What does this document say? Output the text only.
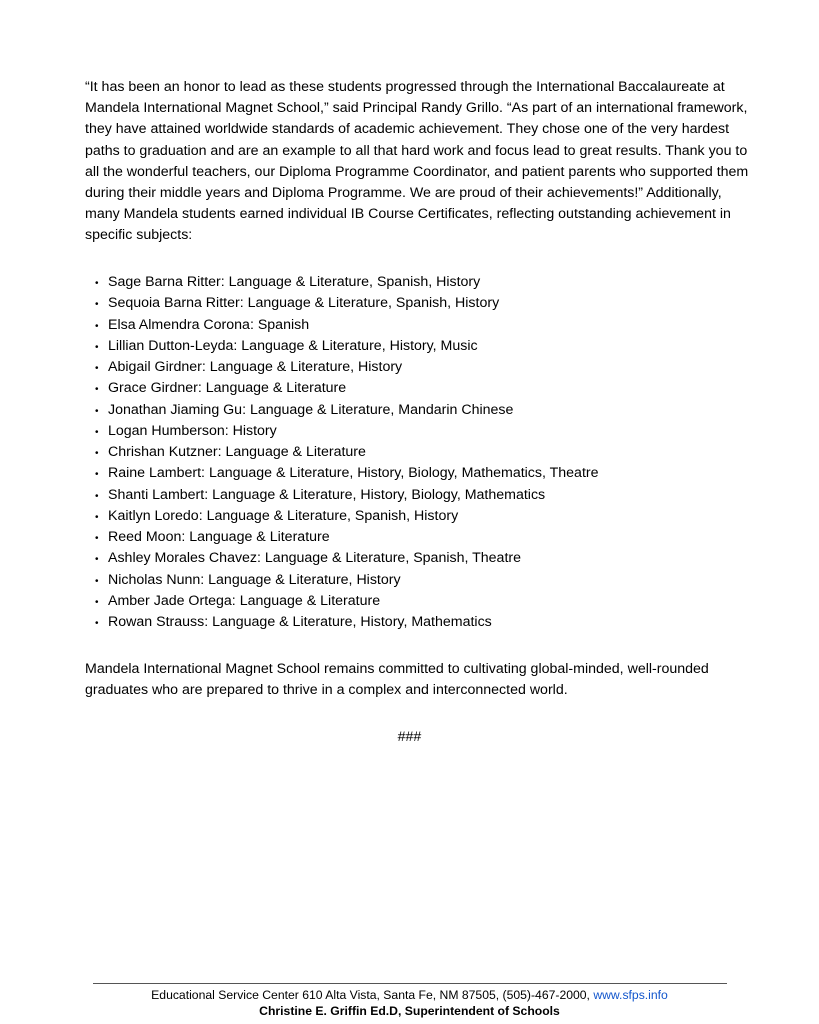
“It has been an honor to lead as these students progressed through the International Baccalaureate at Mandela International Magnet School,” said Principal Randy Grillo. “As part of an international framework, they have attained worldwide standards of academic achievement. They chose one of the very hardest paths to graduation and are an example to all that hard work and focus lead to great results. Thank you to all the wonderful teachers, our Diploma Programme Coordinator, and patient parents who supported them during their middle years and Diploma Programme. We are proud of their achievements!” Additionally, many Mandela students earned individual IB Course Certificates, reflecting outstanding achievement in specific subjects:

• Sage Barna Ritter: Language & Literature, Spanish, History
• Sequoia Barna Ritter: Language & Literature, Spanish, History
• Elsa Almendra Corona: Spanish
• Lillian Dutton-Leyda: Language & Literature, History, Music
• Abigail Girdner: Language & Literature, History
• Grace Girdner: Language & Literature
• Jonathan Jiaming Gu: Language & Literature, Mandarin Chinese
• Logan Humberson: History
• Chrishan Kutzner: Language & Literature
• Raine Lambert: Language & Literature, History, Biology, Mathematics, Theatre
• Shanti Lambert: Language & Literature, History, Biology, Mathematics
• Kaitlyn Loredo: Language & Literature, Spanish, History
• Reed Moon: Language & Literature
• Ashley Morales Chavez: Language & Literature, Spanish, Theatre
• Nicholas Nunn: Language & Literature, History
• Amber Jade Ortega: Language & Literature
• Rowan Strauss: Language & Literature, History, Mathematics

Mandela International Magnet School remains committed to cultivating global-minded, well-rounded graduates who are prepared to thrive in a complex and interconnected world.

###
Educational Service Center 610 Alta Vista, Santa Fe, NM 87505, (505)-467-2000, www.sfps.info
Christine E. Griffin Ed.D, Superintendent of Schools
